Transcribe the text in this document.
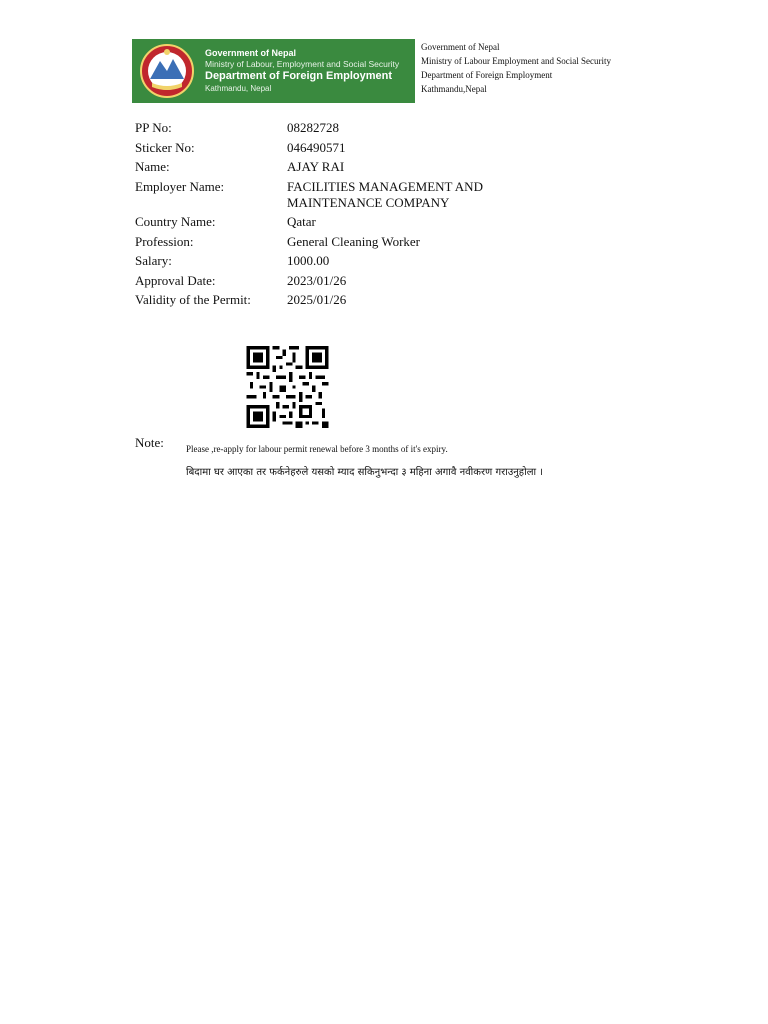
Government of Nepal
Ministry of Labour, Employment and Social Security
Department of Foreign Employment
Kathmandu, Nepal
Government of Nepal
Ministry of Labour Employment and Social Security
Department of Foreign Employment
Kathmandu,Nepal
PP No:	08282728
Sticker No:	046490571
Name:	AJAY RAI
Employer Name:	FACILITIES MANAGEMENT AND MAINTENANCE COMPANY
Country Name:	Qatar
Profession:	General Cleaning Worker
Salary:	1000.00
Approval Date:	2023/01/26
Validity of the Permit:	2025/01/26
Note: Please ,re-apply for labour permit renewal before 3 months of it's expiry.
बिदामा घर आएका तर फर्कनेहरुले यसको म्याद सकिनुभन्दा ३ महिना अगावै नवीकरण गराउनुहोला ।
